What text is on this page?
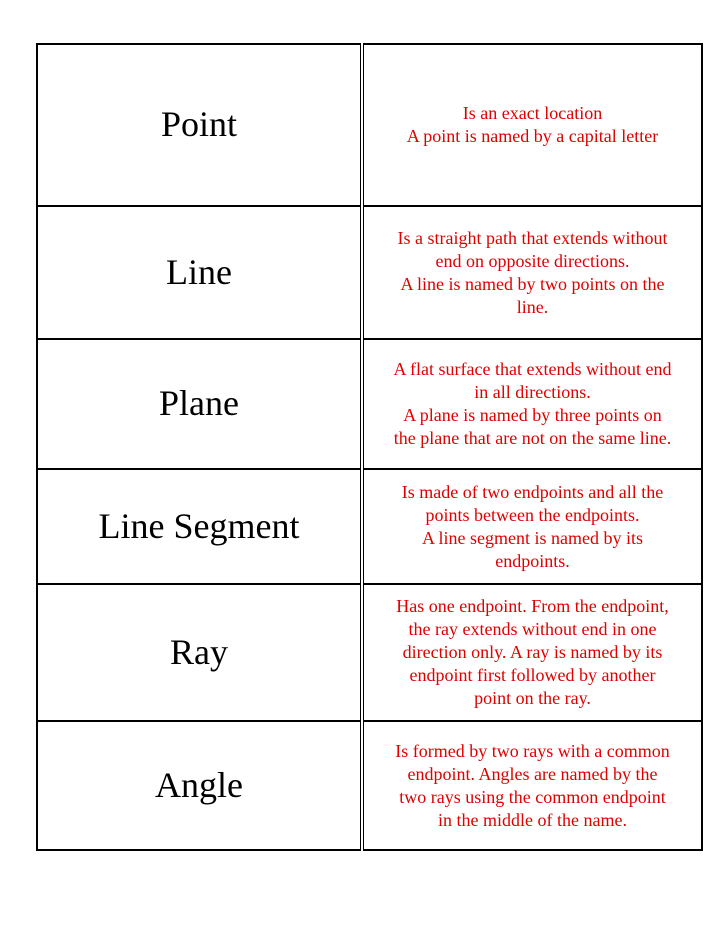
Point	Is an exact location
A point is named by a capital letter

Line	Is a straight path that extends without
end on opposite directions.
A line is named by two points on the
line.

Plane	A flat surface that extends without end
in all directions.
A plane is named by three points on
the plane that are not on the same line.

Line Segment	Is made of two endpoints and all the
points between the endpoints.
A line segment is named by its
endpoints.

Ray	Has one endpoint. From the endpoint,
the ray extends without end in one
direction only. A ray is named by its
endpoint first followed by another
point on the ray.

Angle	Is formed by two rays with a common
endpoint. Angles are named by the
two rays using the common endpoint
in the middle of the name.
